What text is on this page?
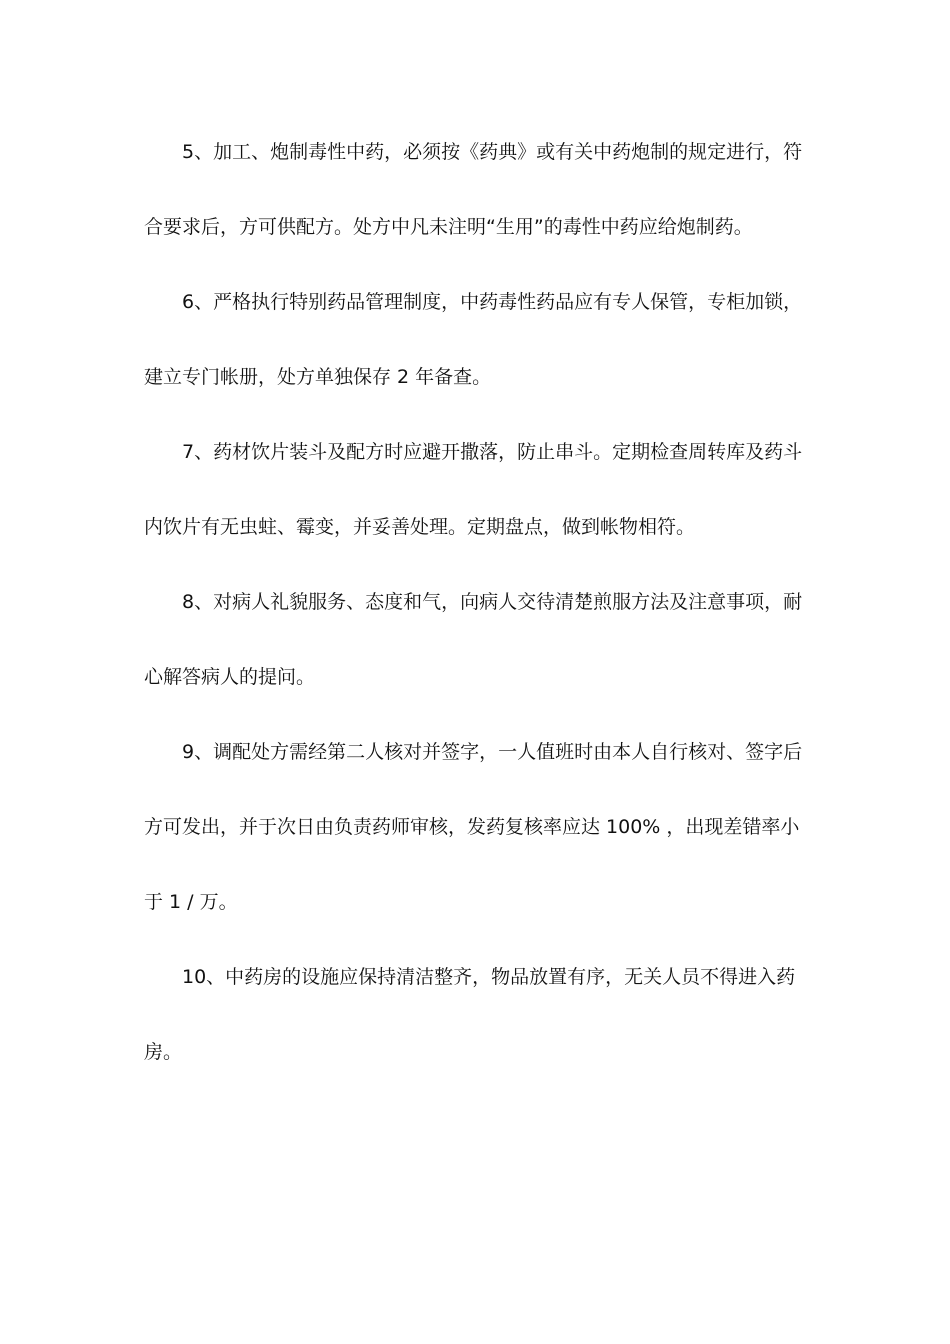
5、加工、炮制毒性中药，必须按《药典》或有关中药炮制的规定进行，符
合要求后，方可供配方。处方中凡未注明“生用”的毒性中药应给炮制药。
6、严格执行特别药品管理制度，中药毒性药品应有专人保管，专柜加锁，
建立专门帐册，处方单独保存 2 年备查。
7、药材饮片装斗及配方时应避开撒落，防止串斗。定期检查周转库及药斗
内饮片有无虫蛀、霉变，并妥善处理。定期盘点，做到帐物相符。
8、对病人礼貌服务、态度和气，向病人交待清楚煎服方法及注意事项，耐
心解答病人的提问。
9、调配处方需经第二人核对并签字，一人值班时由本人自行核对、签字后
方可发出，并于次日由负责药师审核，发药复核率应达 100% ，出现差错率小
于 1 / 万。
10、中药房的设施应保持清洁整齐，物品放置有序，无关人员不得进入药
房。
